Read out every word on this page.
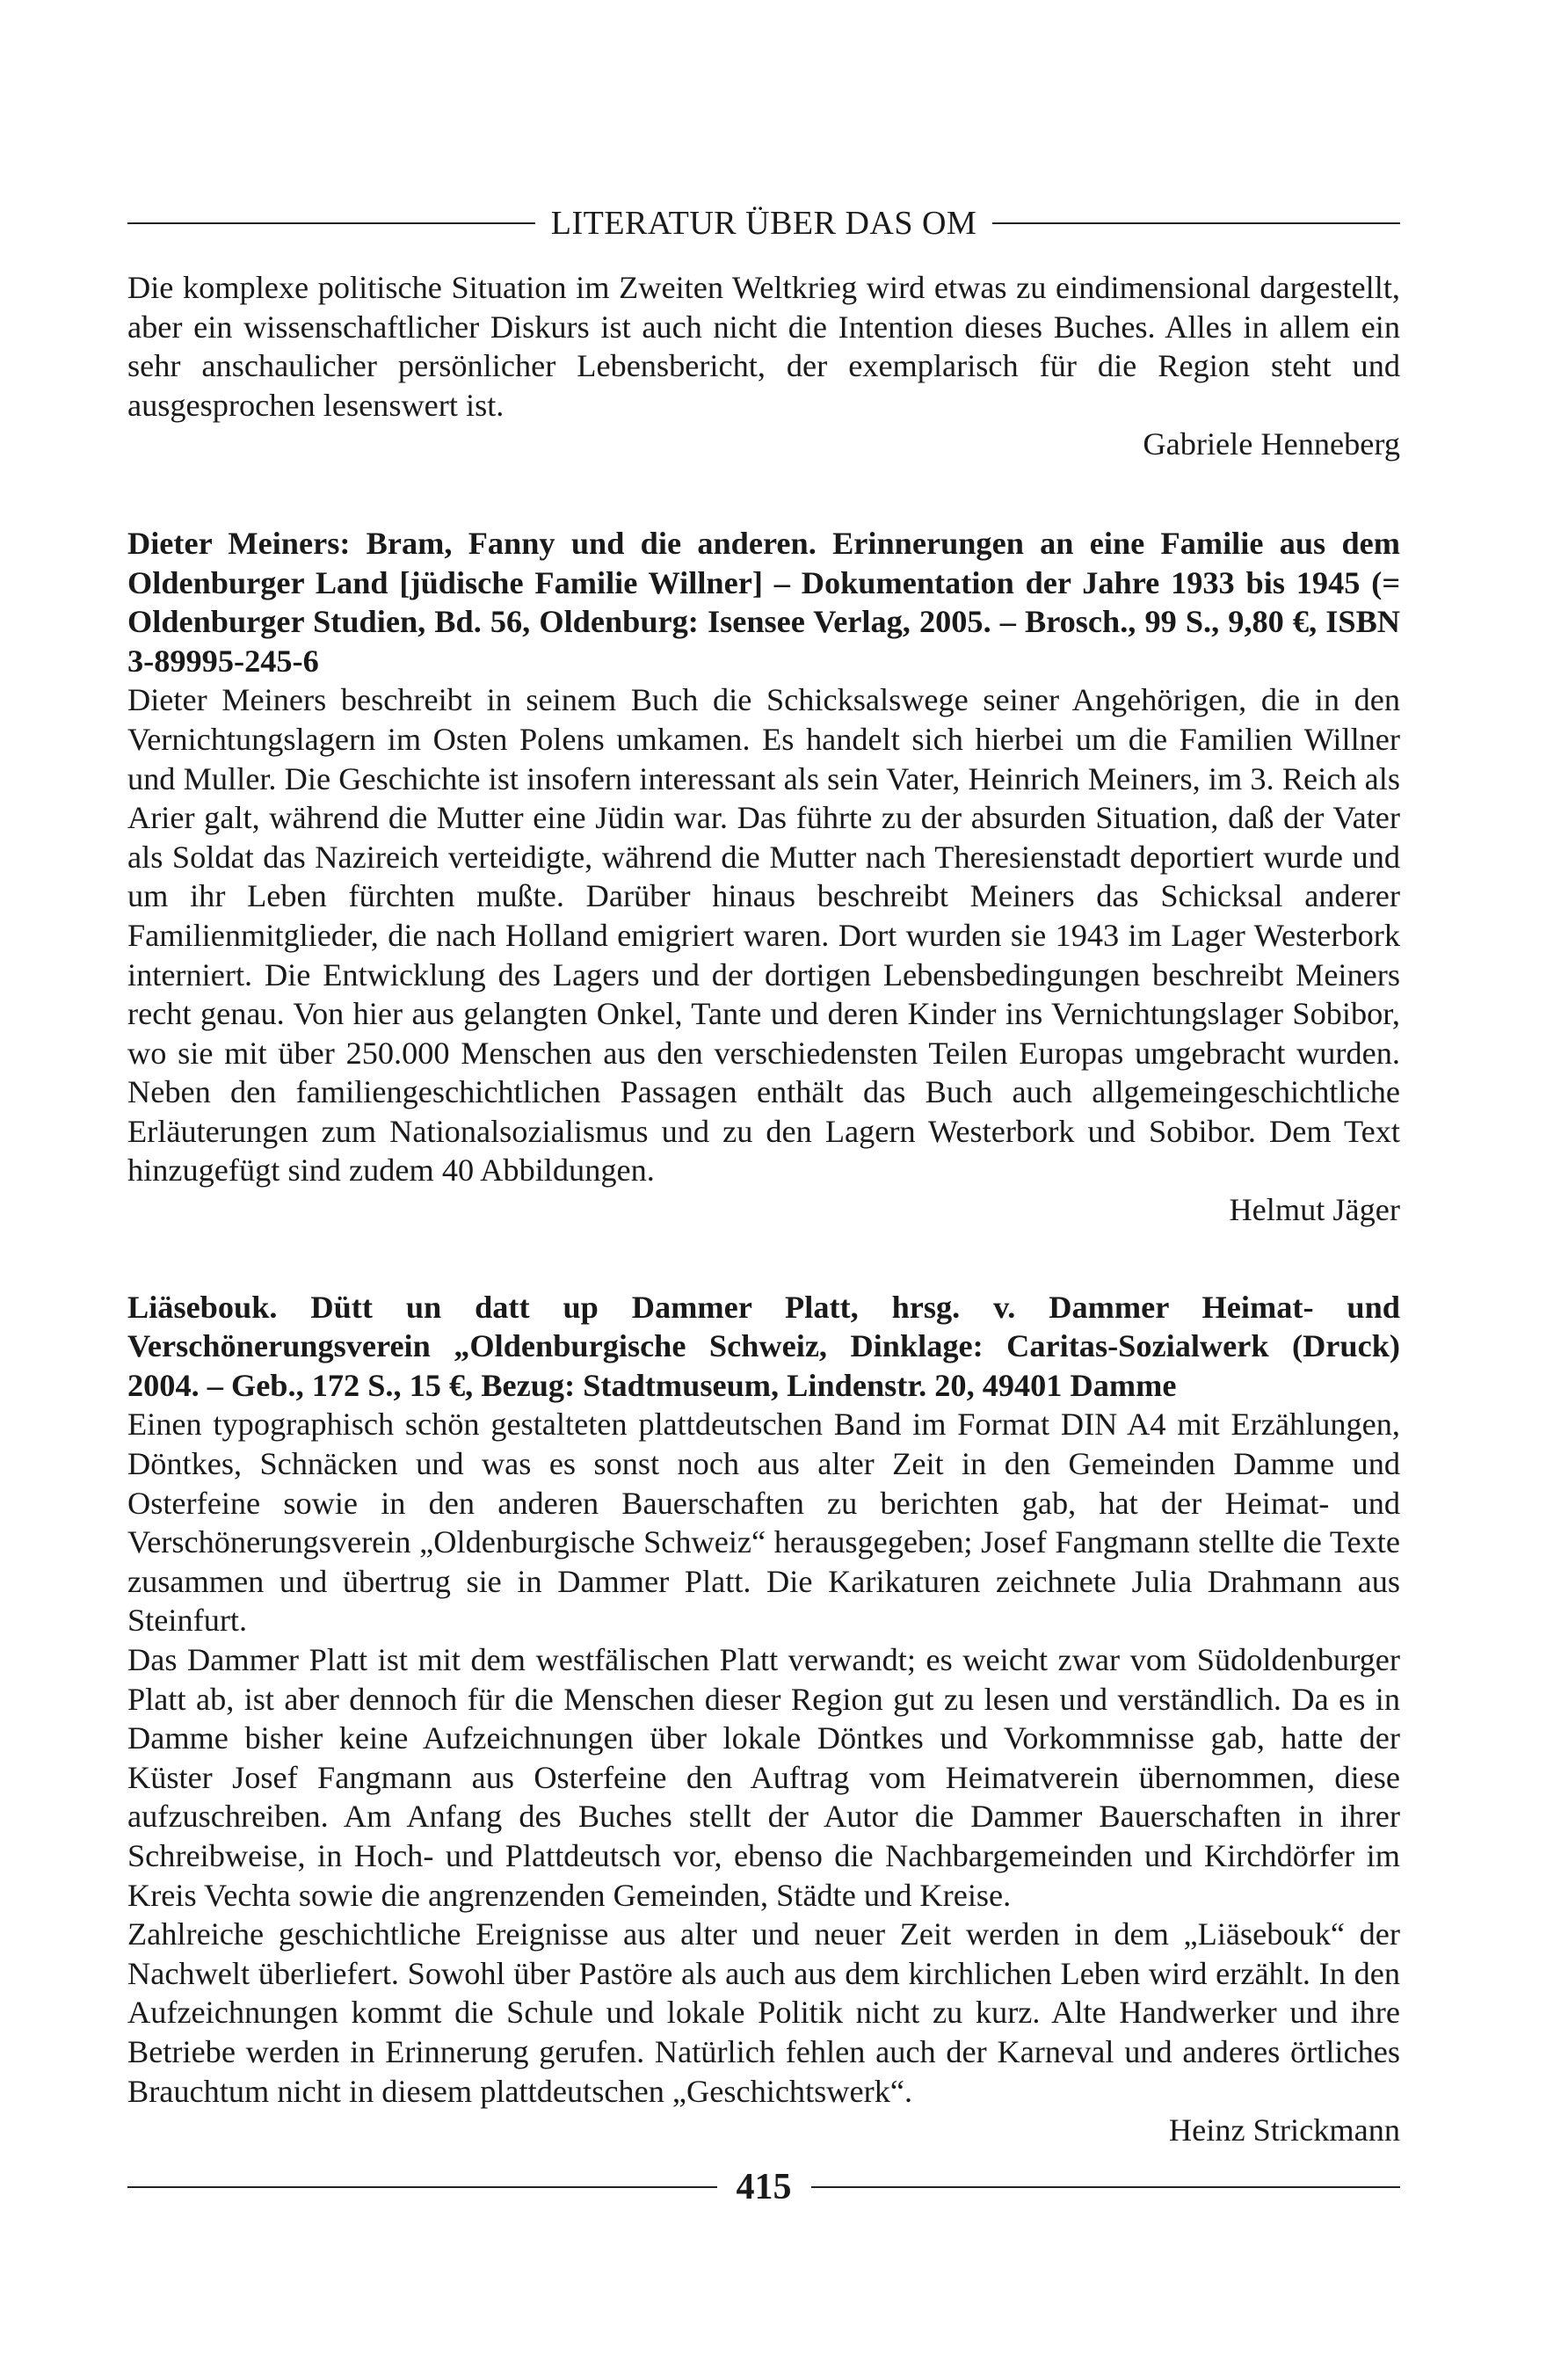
LITERATUR ÜBER DAS OM

Die komplexe politische Situation im Zweiten Weltkrieg wird etwas zu eindimensional dargestellt, aber ein wissenschaftlicher Diskurs ist auch nicht die Intention dieses Buches. Alles in allem ein sehr anschaulicher persönlicher Lebensbericht, der exemplarisch für die Region steht und ausgesprochen lesenswert ist.

Gabriele Henneberg

Dieter Meiners: Bram, Fanny und die anderen. Erinnerungen an eine Familie aus dem Oldenburger Land [jüdische Familie Willner] – Dokumentation der Jahre 1933 bis 1945 (= Oldenburger Studien, Bd. 56, Oldenburg: Isensee Verlag, 2005. – Brosch., 99 S., 9,80 €, ISBN 3-89995-245-6

Dieter Meiners beschreibt in seinem Buch die Schicksalswege seiner Angehörigen, die in den Vernichtungslagern im Osten Polens umkamen. Es handelt sich hierbei um die Familien Willner und Muller. Die Geschichte ist insofern interessant als sein Vater, Heinrich Meiners, im 3. Reich als Arier galt, während die Mutter eine Jüdin war. Das führte zu der absurden Situation, daß der Vater als Soldat das Nazireich verteidigte, während die Mutter nach Theresienstadt deportiert wurde und um ihr Leben fürchten mußte. Darüber hinaus beschreibt Meiners das Schicksal anderer Familienmitglieder, die nach Holland emigriert waren. Dort wurden sie 1943 im Lager Westerbork interniert. Die Entwicklung des Lagers und der dortigen Lebensbedingungen beschreibt Meiners recht genau. Von hier aus gelangten Onkel, Tante und deren Kinder ins Vernichtungslager Sobibor, wo sie mit über 250.000 Menschen aus den verschiedensten Teilen Europas umgebracht wurden. Neben den familiengeschichtlichen Passagen enthält das Buch auch allgemeingeschichtliche Erläuterungen zum Nationalsozialismus und zu den Lagern Westerbork und Sobibor. Dem Text hinzugefügt sind zudem 40 Abbildungen.

Helmut Jäger

Liäsebouk. Dütt un datt up Dammer Platt, hrsg. v. Dammer Heimat- und Verschönerungsverein „Oldenburgische Schweiz, Dinklage: Caritas-Sozialwerk (Druck) 2004. – Geb., 172 S., 15 €, Bezug: Stadtmuseum, Lindenstr. 20, 49401 Damme

Einen typographisch schön gestalteten plattdeutschen Band im Format DIN A4 mit Erzählungen, Döntkes, Schnäcken und was es sonst noch aus alter Zeit in den Gemeinden Damme und Osterfeine sowie in den anderen Bauerschaften zu berichten gab, hat der Heimat- und Verschönerungsverein „Oldenburgische Schweiz“ herausgegeben; Josef Fangmann stellte die Texte zusammen und übertrug sie in Dammer Platt. Die Karikaturen zeichnete Julia Drahmann aus Steinfurt.

Das Dammer Platt ist mit dem westfälischen Platt verwandt; es weicht zwar vom Südoldenburger Platt ab, ist aber dennoch für die Menschen dieser Region gut zu lesen und verständlich. Da es in Damme bisher keine Aufzeichnungen über lokale Döntkes und Vorkommnisse gab, hatte der Küster Josef Fangmann aus Osterfeine den Auftrag vom Heimatverein übernommen, diese aufzuschreiben. Am Anfang des Buches stellt der Autor die Dammer Bauerschaften in ihrer Schreibweise, in Hoch- und Plattdeutsch vor, ebenso die Nachbargemeinden und Kirchdörfer im Kreis Vechta sowie die angrenzenden Gemeinden, Städte und Kreise.

Zahlreiche geschichtliche Ereignisse aus alter und neuer Zeit werden in dem „Liäsebouk“ der Nachwelt überliefert. Sowohl über Pastöre als auch aus dem kirchlichen Leben wird erzählt. In den Aufzeichnungen kommt die Schule und lokale Politik nicht zu kurz. Alte Handwerker und ihre Betriebe werden in Erinnerung gerufen. Natürlich fehlen auch der Karneval und anderes örtliches Brauchtum nicht in diesem plattdeutschen „Geschichtswerk“.

Heinz Strickmann

415
